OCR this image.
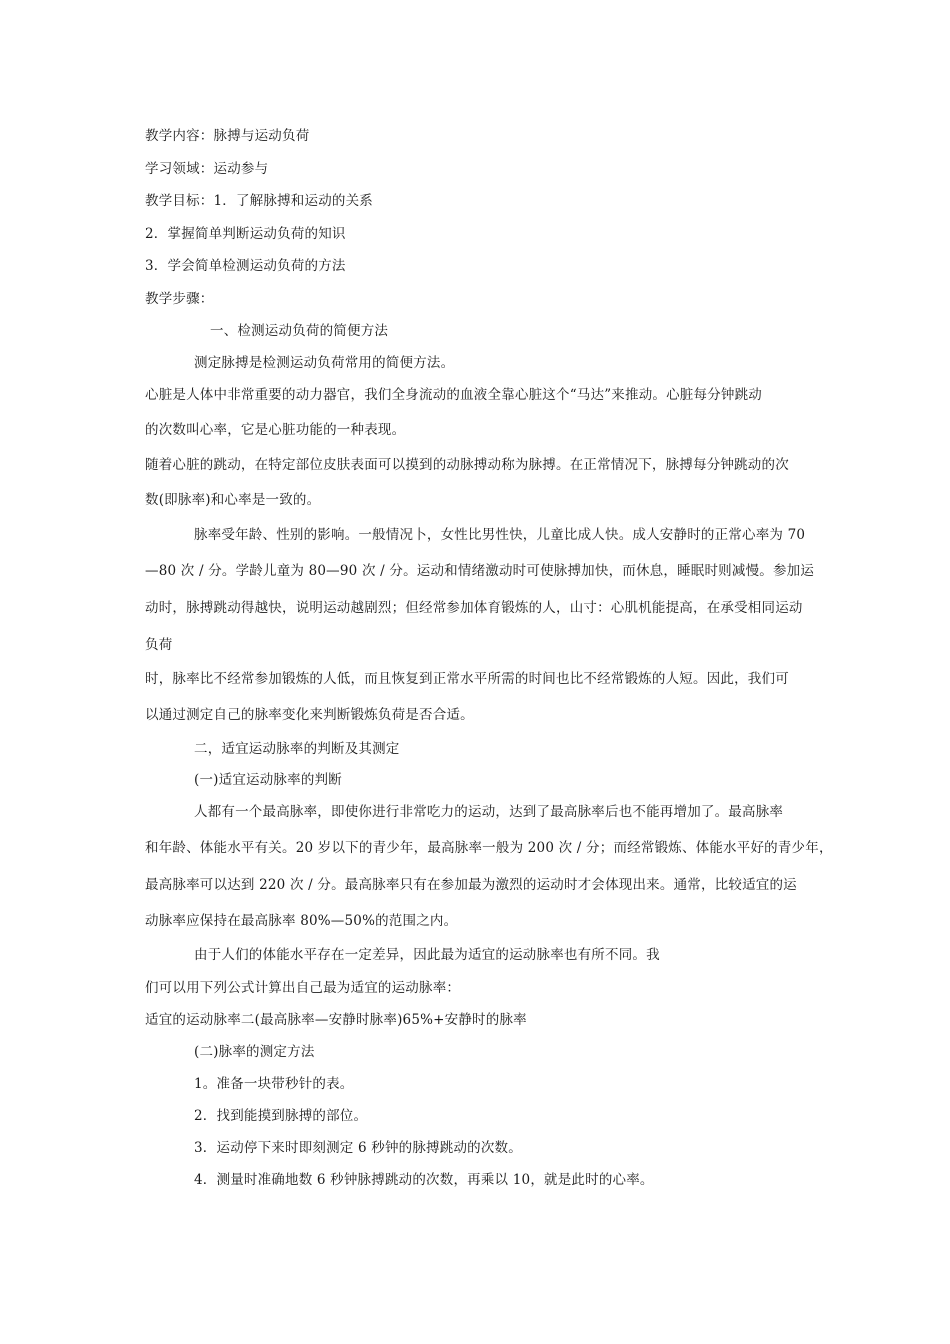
教学内容：脉搏与运动负荷
学习领域：运动参与
教学目标：1．了解脉搏和运动的关系
2．掌握简单判断运动负荷的知识
3．学会简单检测运动负荷的方法
教学步骤：
一、检测运动负荷的简便方法
测定脉搏是检测运动负荷常用的简便方法。
心脏是人体中非常重要的动力器官，我们全身流动的血液全靠心脏这个“马达”来推动。心脏每分钟跳动
的次数叫心率，它是心脏功能的一种表现。
随着心脏的跳动，在特定部位皮肤表面可以摸到的动脉搏动称为脉搏。在正常情况下，脉搏每分钟跳动的次
数(即脉率)和心率是一致的。
脉率受年龄、性别的影响。一般情况卜，女性比男性快，儿童比成人快。成人安静时的正常心率为 70
—80 次 / 分。学龄儿童为 80—90 次 / 分。运动和情绪激动时可使脉搏加快，而休息，睡眠时则减慢。参加运
动时，脉搏跳动得越快，说明运动越剧烈；但经常参加体育锻炼的人，山寸：心肌机能提高，在承受相同运动
负荷
时，脉率比不经常参加锻炼的人低，而且恢复到正常水平所需的时间也比不经常锻炼的人短。因此，我们可
以通过测定自己的脉率变化来判断锻炼负荷是否合适。
二，适宜运动脉率的判断及其测定
(一)适宜运动脉率的判断
人都有一个最高脉率，即使你进行非常吃力的运动，达到了最高脉率后也不能再增加了。最高脉率
和年龄、体能水平有关。20 岁以下的青少年，最高脉率一般为 200 次 / 分；而经常锻炼、体能水平好的青少年，
最高脉率可以达到 220 次 / 分。最高脉率只有在参加最为激烈的运动时才会体现出来。通常，比较适宜的运
动脉率应保持在最高脉率 80%—50%的范围之内。
由于人们的体能水平存在一定差异，因此最为适宜的运动脉率也有所不同。我
们可以用下列公式计算出自己最为适宜的运动脉率：
适宜的运动脉率二(最高脉率—安静时脉率)65%+安静时的脉率
(二)脉率的测定方法
1。准备一块带秒针的表。
2．找到能摸到脉搏的部位。
3．运动停下来时即刻测定 6 秒钟的脉搏跳动的次数。
4．测量时准确地数 6 秒钟脉搏跳动的次数，再乘以 10，就是此时的心率。
